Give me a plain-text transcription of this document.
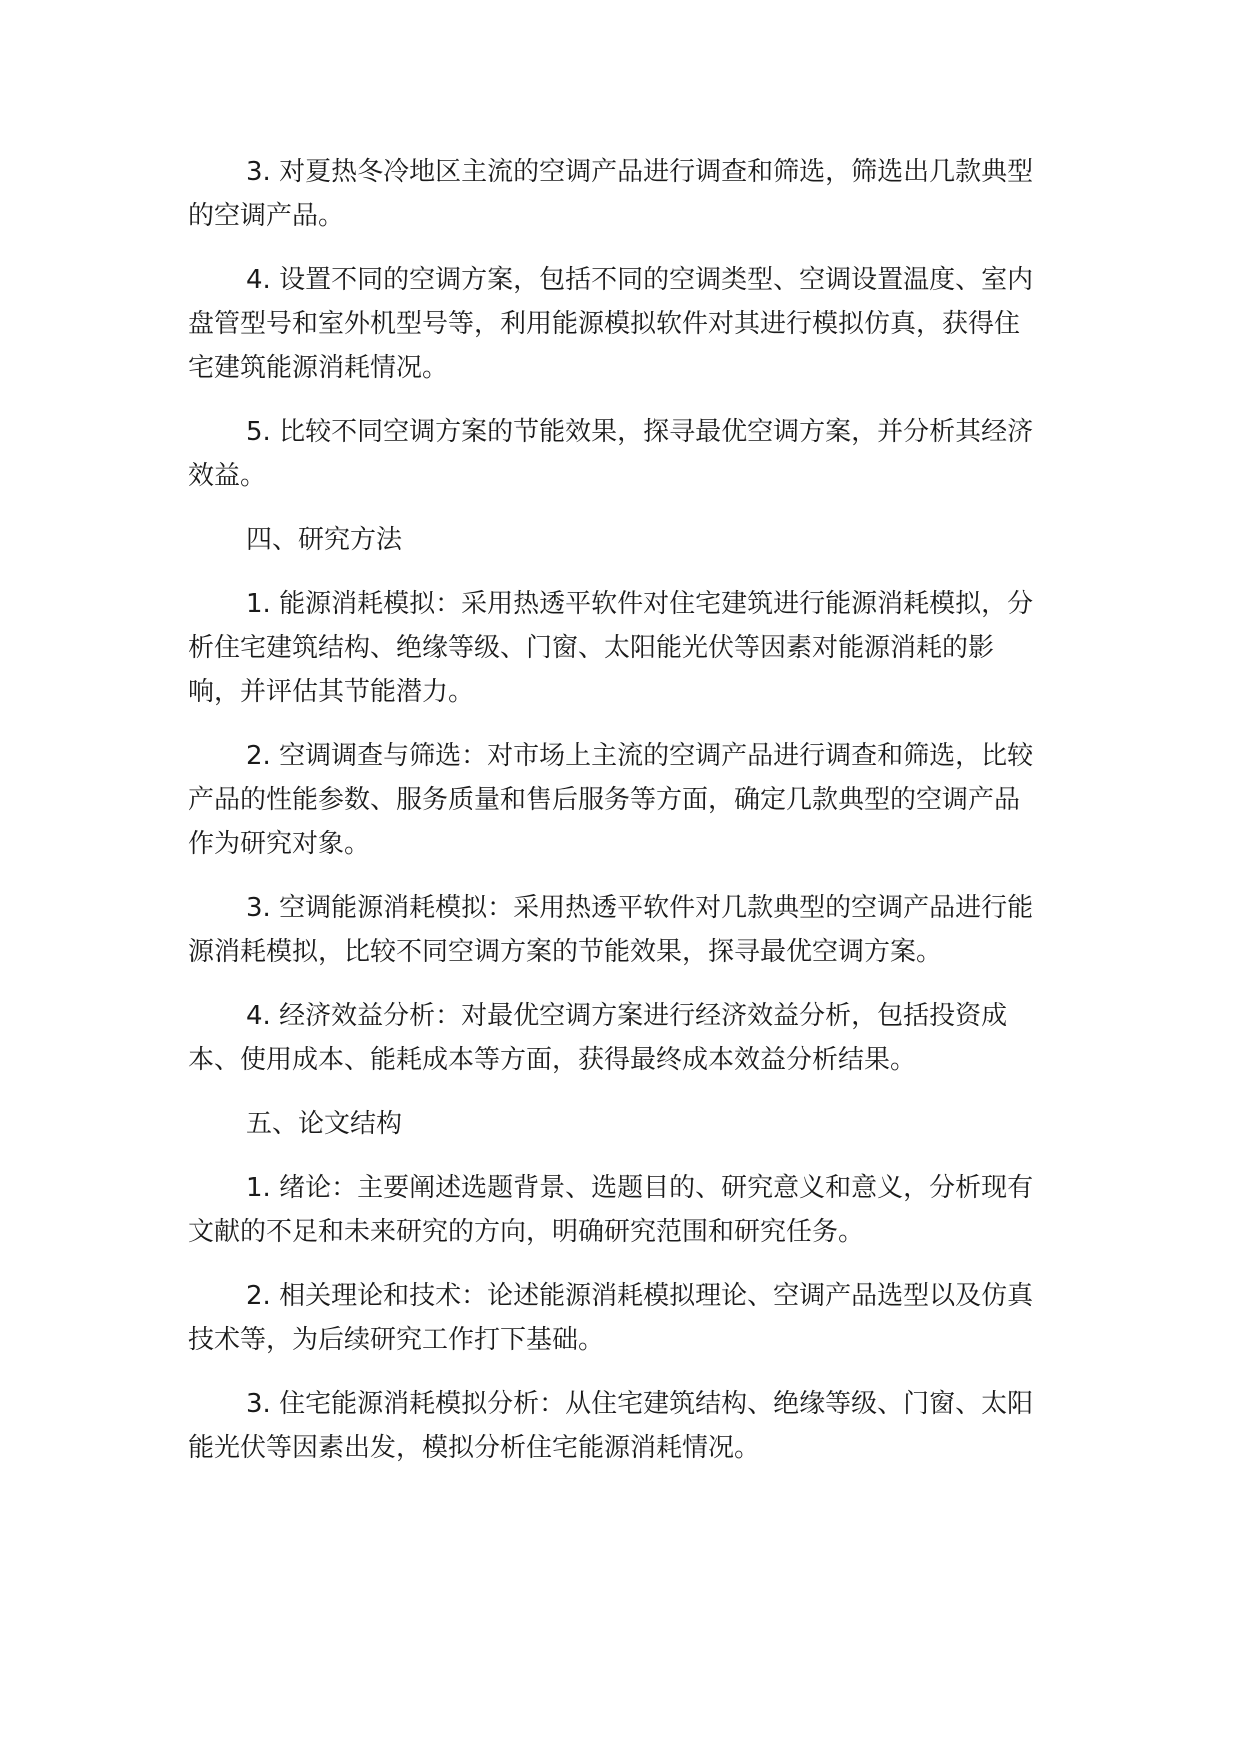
3. 对夏热冬冷地区主流的空调产品进行调查和筛选，筛选出几款典型的空调产品。

4. 设置不同的空调方案，包括不同的空调类型、空调设置温度、室内盘管型号和室外机型号等，利用能源模拟软件对其进行模拟仿真，获得住宅建筑能源消耗情况。

5. 比较不同空调方案的节能效果，探寻最优空调方案，并分析其经济效益。

四、研究方法

1. 能源消耗模拟：采用热透平软件对住宅建筑进行能源消耗模拟，分析住宅建筑结构、绝缘等级、门窗、太阳能光伏等因素对能源消耗的影响，并评估其节能潜力。

2. 空调调查与筛选：对市场上主流的空调产品进行调查和筛选，比较产品的性能参数、服务质量和售后服务等方面，确定几款典型的空调产品作为研究对象。

3. 空调能源消耗模拟：采用热透平软件对几款典型的空调产品进行能源消耗模拟，比较不同空调方案的节能效果，探寻最优空调方案。

4. 经济效益分析：对最优空调方案进行经济效益分析，包括投资成本、使用成本、能耗成本等方面，获得最终成本效益分析结果。

五、论文结构

1. 绪论：主要阐述选题背景、选题目的、研究意义和意义，分析现有文献的不足和未来研究的方向，明确研究范围和研究任务。

2. 相关理论和技术：论述能源消耗模拟理论、空调产品选型以及仿真技术等，为后续研究工作打下基础。

3. 住宅能源消耗模拟分析：从住宅建筑结构、绝缘等级、门窗、太阳能光伏等因素出发，模拟分析住宅能源消耗情况。
